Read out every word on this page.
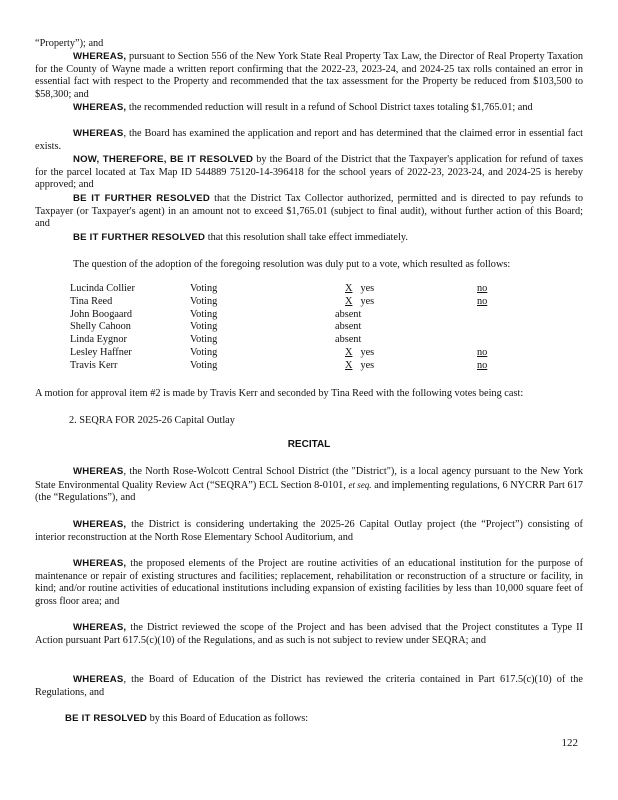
“Property”); and

WHEREAS, pursuant to Section 556 of the New York State Real Property Tax Law, the Director of Real Property Taxation for the County of Wayne made a written report confirming that the 2022-23, 2023-24, and 2024-25 tax rolls contained an error in essential fact with respect to the Property and recommended that the tax assessment for the Property be reduced from $103,500 to $58,300; and

WHEREAS, the recommended reduction will result in a refund of School District taxes totaling $1,765.01; and

WHEREAS, the Board has examined the application and report and has determined that the claimed error in essential fact exists.

NOW, THEREFORE, BE IT RESOLVED by the Board of the District that the Taxpayer's application for refund of taxes for the parcel located at Tax Map ID 544889 75120-14-396418 for the school years of 2022-23, 2023-24, and 2024-25 is hereby approved; and

BE IT FURTHER RESOLVED that the District Tax Collector authorized, permitted and is directed to pay refunds to Taxpayer (or Taxpayer's agent) in an amount not to exceed $1,765.01 (subject to final audit), without further action of this Board; and

BE IT FURTHER RESOLVED that this resolution shall take effect immediately.

The question of the adoption of the foregoing resolution was duly put to a vote, which resulted as follows:

Lucinda Collier	Voting	X yes	no
Tina Reed	Voting	X yes	no
John Boogaard	Voting	absent
Shelly Cahoon	Voting	absent
Linda Eygnor	Voting	absent
Lesley Haffner	Voting	X yes	no
Travis Kerr	Voting	X yes	no

A motion for approval item #2 is made by Travis Kerr and seconded by Tina Reed with the following votes being cast:

2. SEQRA FOR 2025-26 Capital Outlay
RECITAL

WHEREAS, the North Rose-Wolcott Central School District (the "District"), is a local agency pursuant to the New York State Environmental Quality Review Act (“SEQRA”) ECL Section 8-0101, et seq. and implementing regulations, 6 NYCRR Part 617 (the “Regulations”), and

WHEREAS, the District is considering undertaking the 2025-26 Capital Outlay project (the “Project”) consisting of interior reconstruction at the North Rose Elementary School Auditorium, and

WHEREAS, the proposed elements of the Project are routine activities of an educational institution for the purpose of maintenance or repair of existing structures and facilities; replacement, rehabilitation or reconstruction of a structure or facility, in kind; and/or routine activities of educational institutions including expansion of existing facilities by less than 10,000 square feet of gross floor area; and

WHEREAS, the District reviewed the scope of the Project and has been advised that the Project constitutes a Type II Action pursuant Part 617.5(c)(10) of the Regulations, and as such is not subject to review under SEQRA; and

WHEREAS, the Board of Education of the District has reviewed the criteria contained in Part 617.5(c)(10) of the Regulations, and

BE IT RESOLVED by this Board of Education as follows:

122
